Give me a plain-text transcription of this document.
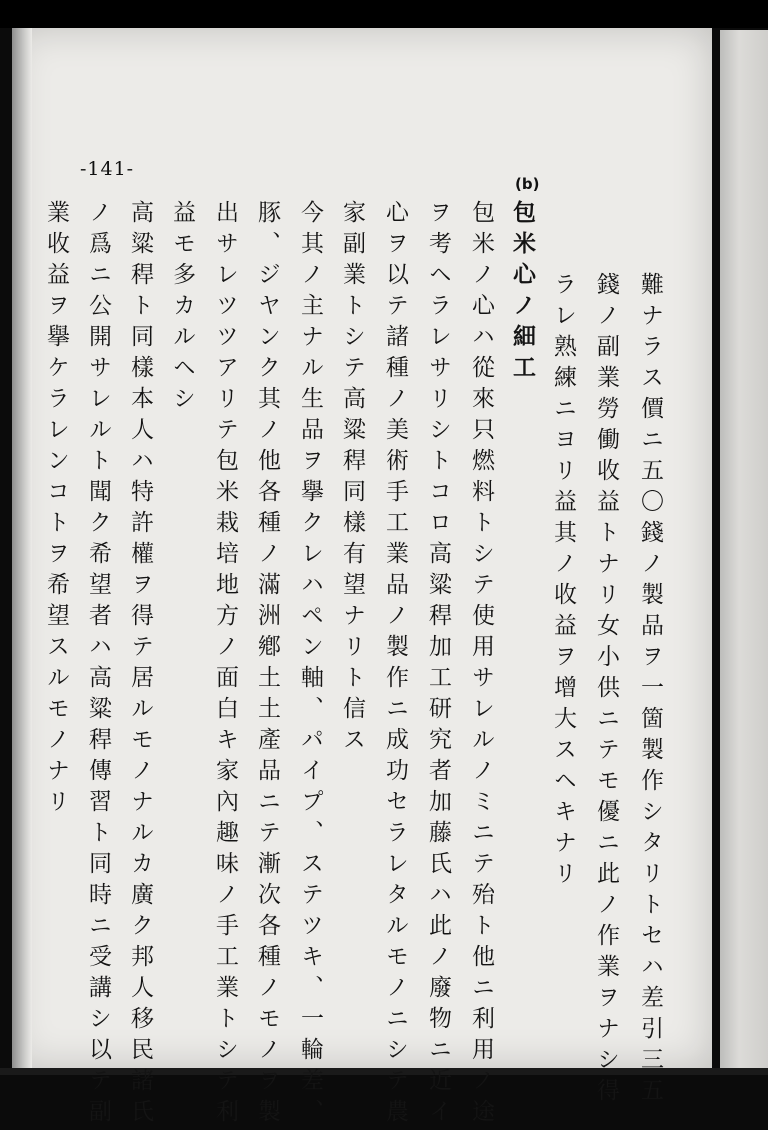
-141-
(b)
難ナラス價ニ五〇錢ノ製品ヲ一箇製作シタリトセハ差引三五
錢ノ副業勞働收益トナリ女小供ニテモ優ニ此ノ作業ヲナシ得
ラレ熟練ニヨリ益其ノ收益ヲ增大スヘキナリ
包米心ノ細工
包米ノ心ハ從來只燃料トシテ使用サレルノミニテ殆ト他ニ利用ノ途
ヲ考ヘラレサリシトコロ高粱稈加工研究者加藤氏ハ此ノ廢物ニ近イ
心ヲ以テ諸種ノ美術手工業品ノ製作ニ成功セラレタルモノニシテ農
家副業トシテ高粱稈同樣有望ナリト信ス
今其ノ主ナル生品ヲ擧クレハペン軸、パイプ、ステツキ、一輪差、
豚、ジヤンク其ノ他各種ノ滿洲鄕土土產品ニテ漸次各種ノモノヲ製
出サレツツアリテ包米栽培地方ノ面白キ家內趣味ノ手工業トシテ利
益モ多カルヘシ
高粱稈ト同樣本人ハ特許權ヲ得テ居ルモノナルカ廣ク邦人移民諸氏
ノ爲ニ公開サレルト聞ク希望者ハ高粱稈傳習ト同時ニ受講シ以テ副
業收益ヲ擧ケラレンコトヲ希望スルモノナリ
